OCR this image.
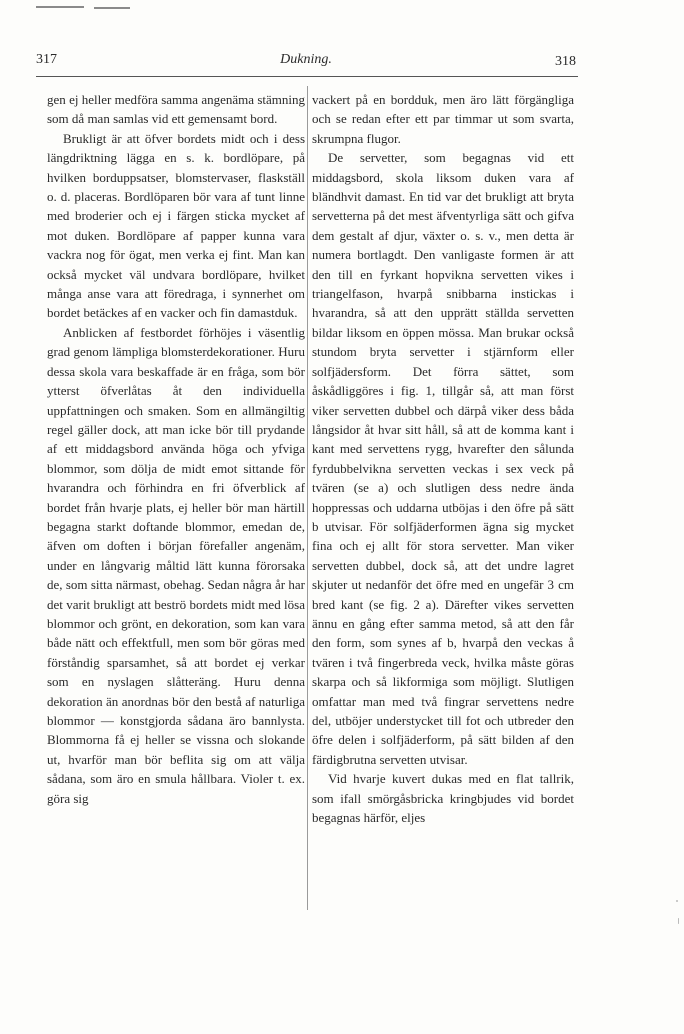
317	Dukning.	318

gen ej heller medföra samma angenäma stämning som då man samlas vid ett gemensamt bord.

Brukligt är att öfver bordets midt och i dess längdriktning lägga en s. k. bordlöpare, på hvilken borduppsatser, blomstervaser, flaskställ o. d. placeras. Bordlöparen bör vara af tunt linne med broderier och ej i färgen sticka mycket af mot duken. Bordlöpare af papper kunna vara vackra nog för ögat, men verka ej fint. Man kan också mycket väl undvara bordlöpare, hvilket många anse vara att föredraga, i synnerhet om bordet betäckes af en vacker och fin damastduk.

Anblicken af festbordet förhöjes i väsentlig grad genom lämpliga blomsterdekorationer. Huru dessa skola vara beskaffade är en fråga, som bör ytterst öfverlåtas åt den individuella uppfattningen och smaken. Som en allmängiltig regel gäller dock, att man icke bör till prydande af ett middagsbord använda höga och yfviga blommor, som dölja de midt emot sittande för hvarandra och förhindra en fri öfverblick af bordet från hvarje plats, ej heller bör man härtill begagna starkt doftande blommor, emedan de, äfven om doften i början förefaller angenäm, under en långvarig måltid lätt kunna förorsaka de, som sitta närmast, obehag. Sedan några år har det varit brukligt att beströ bordets midt med lösa blommor och grönt, en dekoration, som kan vara både nätt och effektfull, men som bör göras med förståndig sparsamhet, så att bordet ej verkar som en nyslagen slåtteräng. Huru denna dekoration än anordnas bör den bestå af naturliga blommor — konstgjorda sådana äro bannlysta. Blommorna få ej heller se vissna och slokande ut, hvarför man bör beflita sig om att välja sådana, som äro en smula hållbara. Violer t. ex. göra sig

vackert på en bordduk, men äro lätt förgängliga och se redan efter ett par timmar ut som svarta, skrumpna flugor.

De servetter, som begagnas vid ett middagsbord, skola liksom duken vara af bländhvit damast. En tid var det brukligt att bryta servetterna på det mest äfventyrliga sätt och gifva dem gestalt af djur, växter o. s. v., men detta är numera bortlagdt. Den vanligaste formen är att den till en fyrkant hopvikna servetten vikes i triangelfason, hvarpå snibbarna instickas i hvarandra, så att den upprätt ställda servetten bildar liksom en öppen mössa. Man brukar också stundom bryta servetter i stjärnform eller solfjädersform. Det förra sättet, som åskådliggöres i fig. 1, tillgår så, att man först viker servetten dubbel och därpå viker dess båda långsidor åt hvar sitt håll, så att de komma kant i kant med servettens rygg, hvarefter den sålunda fyrdubbelvikna servetten veckas i sex veck på tvären (se a) och slutligen dess nedre ända hoppressas och uddarna utböjas i den öfre på sätt b utvisar. För solfjäderformen ägna sig mycket fina och ej allt för stora servetter. Man viker servetten dubbel, dock så, att det undre lagret skjuter ut nedanför det öfre med en ungefär 3 cm bred kant (se fig. 2 a). Därefter vikes servetten ännu en gång efter samma metod, så att den får den form, som synes af b, hvarpå den veckas å tvären i två fingerbreda veck, hvilka måste göras skarpa och så likformiga som möjligt. Slutligen omfattar man med två fingrar servettens nedre del, utböjer understycket till fot och utbreder den öfre delen i solfjäderform, på sätt bilden af den färdigbrutna servetten utvisar.

Vid hvarje kuvert dukas med en flat tallrik, som ifall smörgåsbricka kringbjudes vid bordet begagnas härför, eljes
